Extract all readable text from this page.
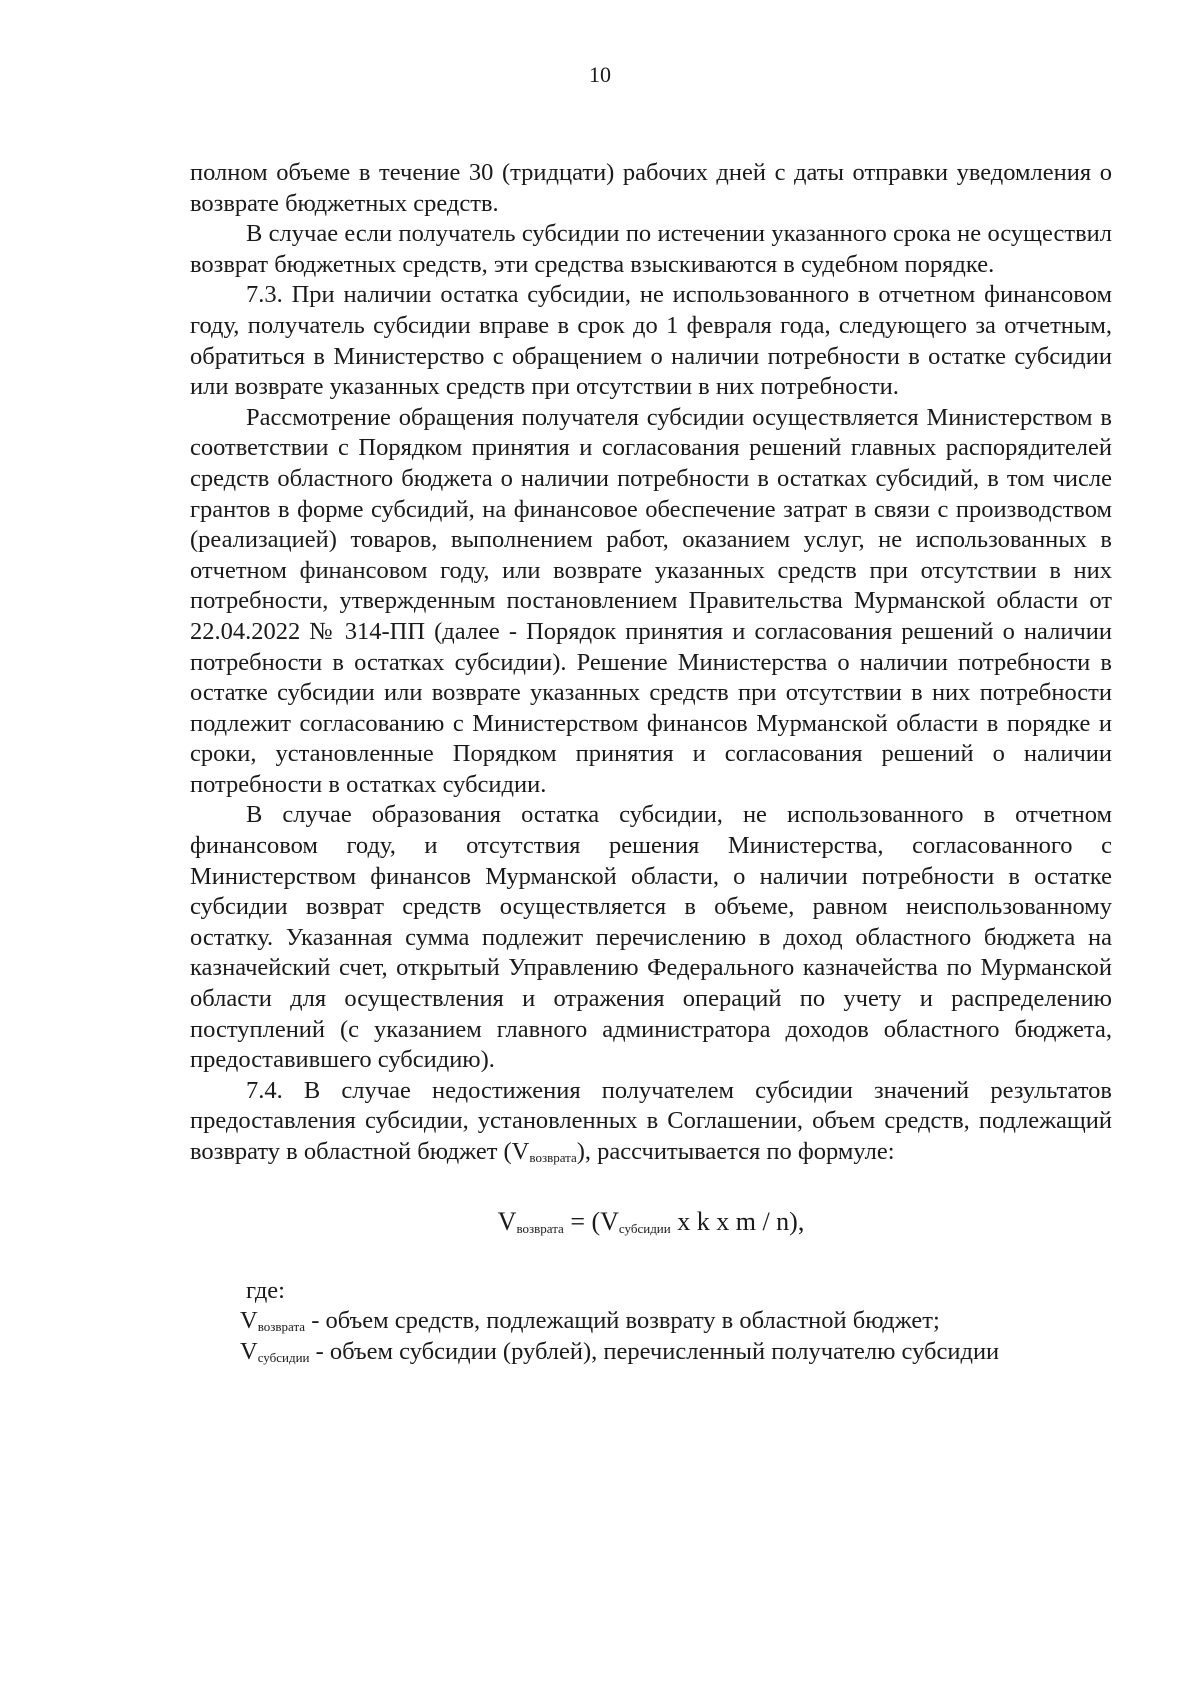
10

полном объеме в течение 30 (тридцати) рабочих дней с даты отправки уведомления о возврате бюджетных средств.

В случае если получатель субсидии по истечении указанного срока не осуществил возврат бюджетных средств, эти средства взыскиваются в судебном порядке.

7.3. При наличии остатка субсидии, не использованного в отчетном финансовом году, получатель субсидии вправе в срок до 1 февраля года, следующего за отчетным, обратиться в Министерство с обращением о наличии потребности в остатке субсидии или возврате указанных средств при отсутствии в них потребности.

Рассмотрение обращения получателя субсидии осуществляется Министерством в соответствии с Порядком принятия и согласования решений главных распорядителей средств областного бюджета о наличии потребности в остатках субсидий, в том числе грантов в форме субсидий, на финансовое обеспечение затрат в связи с производством (реализацией) товаров, выполнением работ, оказанием услуг, не использованных в отчетном финансовом году, или возврате указанных средств при отсутствии в них потребности, утвержденным постановлением Правительства Мурманской области от 22.04.2022 № 314-ПП (далее - Порядок принятия и согласования решений о наличии потребности в остатках субсидии). Решение Министерства о наличии потребности в остатке субсидии или возврате указанных средств при отсутствии в них потребности подлежит согласованию с Министерством финансов Мурманской области в порядке и сроки, установленные Порядком принятия и согласования решений о наличии потребности в остатках субсидии.

В случае образования остатка субсидии, не использованного в отчетном финансовом году, и отсутствия решения Министерства, согласованного с Министерством финансов Мурманской области, о наличии потребности в остатке субсидии возврат средств осуществляется в объеме, равном неиспользованному остатку. Указанная сумма подлежит перечислению в доход областного бюджета на казначейский счет, открытый Управлению Федерального казначейства по Мурманской области для осуществления и отражения операций по учету и распределению поступлений (с указанием главного администратора доходов областного бюджета, предоставившего субсидию).

7.4. В случае недостижения получателем субсидии значений результатов предоставления субсидии, установленных в Соглашении, объем средств, подлежащий возврату в областной бюджет $(V_{возврата})$, рассчитывается по формуле:

$V_{возврата} = (V_{субсидии}$ x k x m / n),

где:

$V_{возврата}$ - объем средств, подлежащий возврату в областной бюджет;

$V_{субсидии}$ - объем субсидии (рублей), перечисленный получателю субсидии
